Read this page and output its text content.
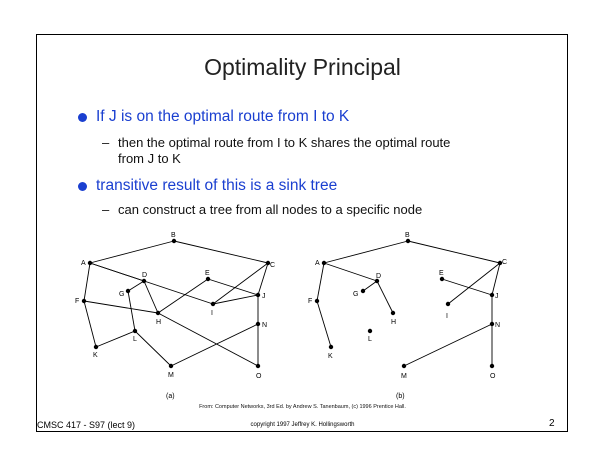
Optimality Principal
If J is on the optimal route from I to K
– then the optimal route from I to K shares the optimal route
from J to K
transitive result of this is a sink tree
– can construct a tree from all nodes to a specific node
B
A	C
D	E
G
F
J
I
H	N
L
K
M	O
(a)
B
A	C
D	E
G
F
J
I
H	N
L
K
M	O
(b)
From: Computer Networks, 3rd Ed. by Andrew S. Tanenbaum, (c) 1996 Prentice Hall.
CMSC 417 - S97 (lect 9)	copyright 1997 Jeffrey K. Hollingsworth	2
